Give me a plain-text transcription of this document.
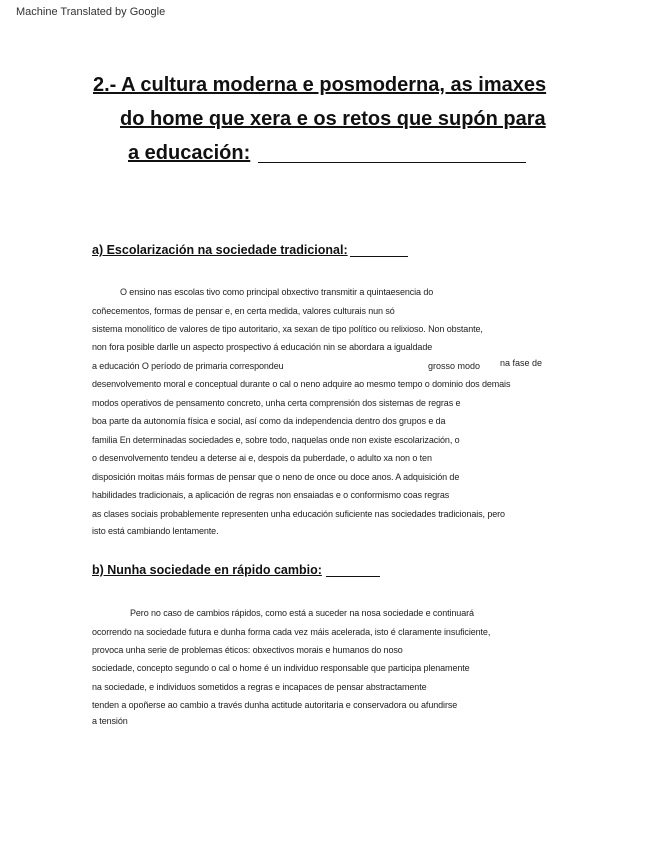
Machine Translated by Google
2.- A cultura moderna e posmoderna, as imaxes
do home que xera e os retos que supón para
a educación:
a) Escolarización na sociedade tradicional:
O ensino nas escolas tivo como principal obxectivo transmitir a quintaesencia do
coñecementos, formas de pensar e, en certa medida, valores culturais nun só
sistema monolítico de valores de tipo autoritario, xa sexan de tipo político ou relixioso. Non obstante,
non fora posible darlle un aspecto prospectivo á educación nin se abordara a igualdade
a educación O período de primaria correspondeu	grosso modo na fase de
desenvolvemento moral e conceptual durante o cal o neno adquire ao mesmo tempo o dominio dos demais
modos operativos de pensamento concreto, unha certa comprensión dos sistemas de regras e
boa parte da autonomía física e social, así como da independencia dentro dos grupos e da
familia En determinadas sociedades e, sobre todo, naquelas onde non existe escolarización, o
o desenvolvemento tendeu a deterse ai e, despois da puberdade, o adulto xa non o ten
disposición moitas máis formas de pensar que o neno de once ou doce anos. A adquisición de
habilidades tradicionais, a aplicación de regras non ensaiadas e o conformismo coas regras
as clases sociais probablemente representen unha educación suficiente nas sociedades tradicionais, pero
isto está cambiando lentamente.
b) Nunha sociedade en rápido cambio:
Pero no caso de cambios rápidos, como está a suceder na nosa sociedade e continuará
ocorrendo na sociedade futura e dunha forma cada vez máis acelerada, isto é claramente insuficiente,
provoca unha serie de problemas éticos: obxectivos morais e humanos do noso
sociedade, concepto segundo o cal o home é un individuo responsable que participa plenamente
na sociedade, e individuos sometidos a regras e incapaces de pensar abstractamente
tenden a opoñerse ao cambio a través dunha actitude autoritaria e conservadora ou afundirse
a tensión
